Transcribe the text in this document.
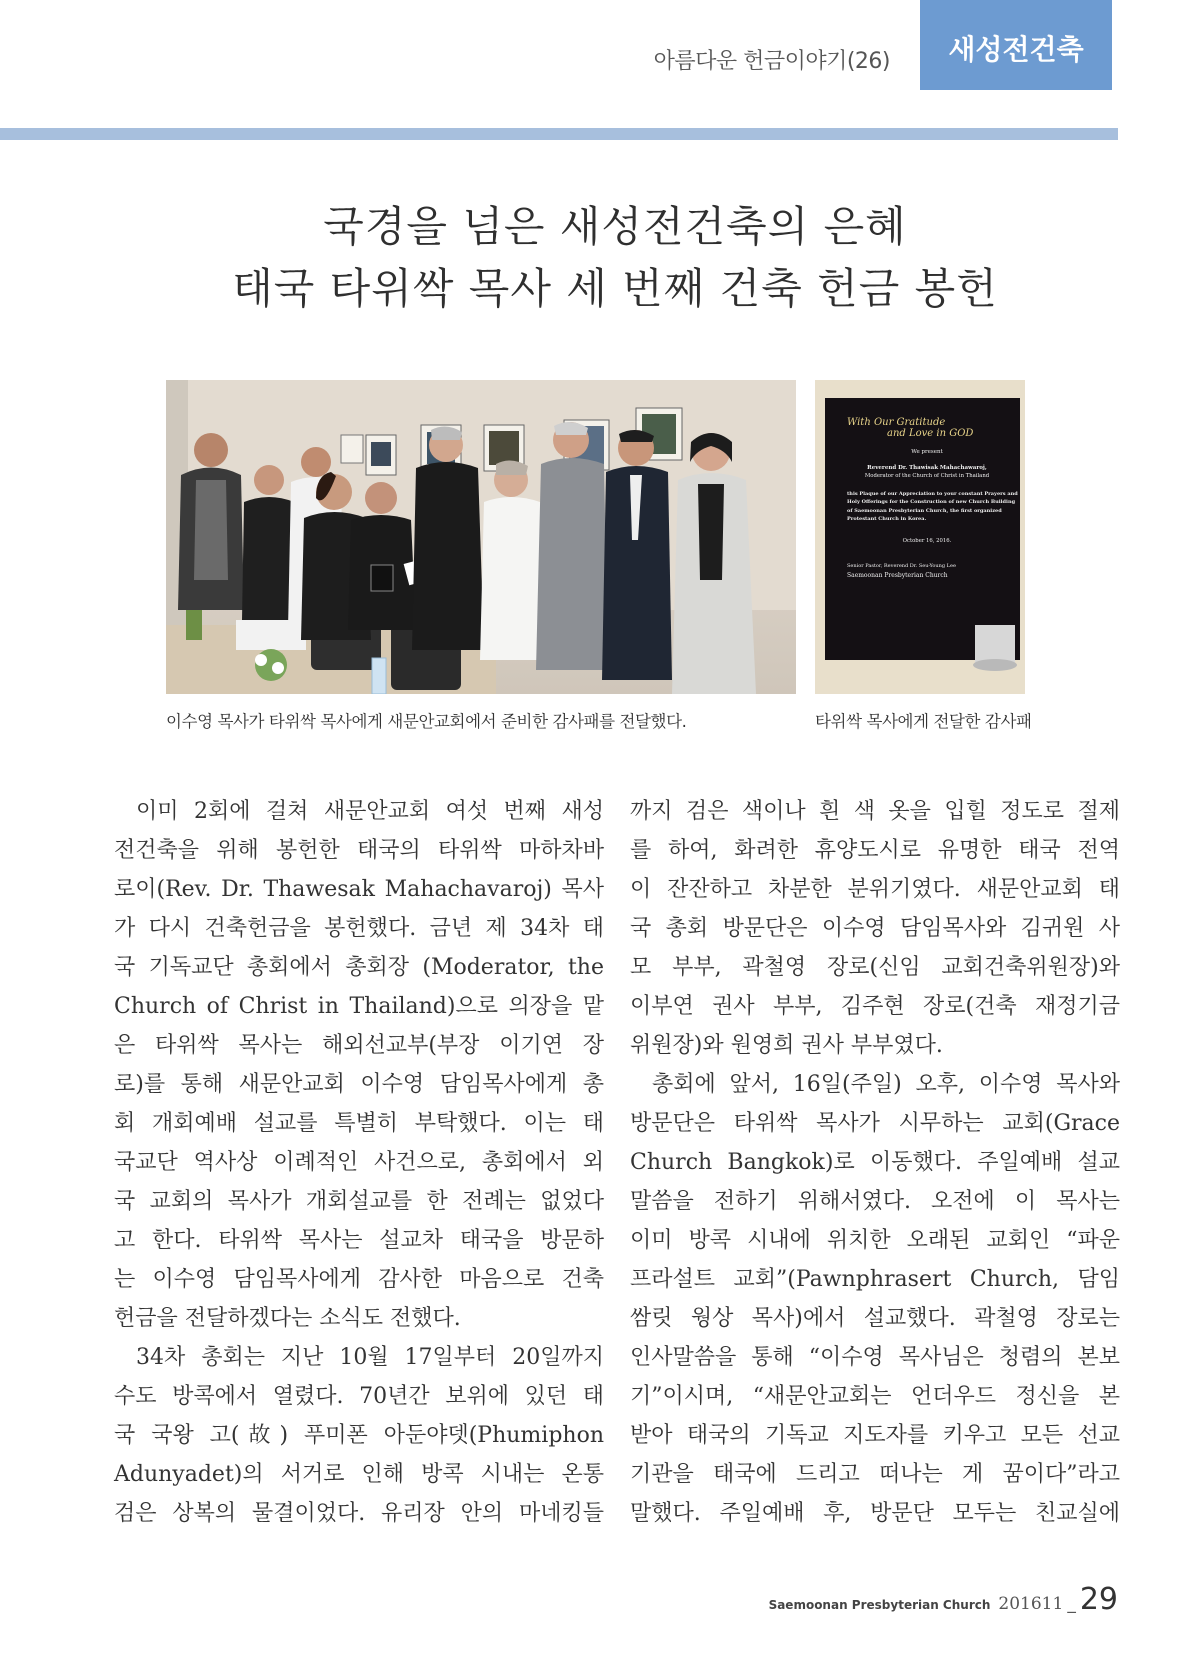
아름다운 헌금이야기(26) 새성전건축
국경을 넘은 새성전건축의 은혜
태국 타위싹 목사 세 번째 건축 헌금 봉헌
With Our Gratitude
and Love in GOD
We present
Reverend Dr. Thawisak Mahachawaroj,
Moderator of the Church of Christ in Thailand
this Plaque of our Appreciation to your constant Prayers and
Holy Offerings for the Construction of new Church Building
of Saemoonan Presbyterian Church, the first organized
Protestant Church in Korea.
October 16, 2016.
Senior Pastor, Reverend Dr. Seu-Young Lee
Saemoonan Presbyterian Church
이수영 목사가 타위싹 목사에게 새문안교회에서 준비한 감사패를 전달했다.	타위싹 목사에게 전달한 감사패
이미 2회에 걸쳐 새문안교회 여섯 번째 새성
전건축을 위해 봉헌한 태국의 타위싹 마하차바
로이(Rev. Dr. Thawesak Mahachavaroj) 목사
가 다시 건축헌금을 봉헌했다. 금년 제 34차 태
국 기독교단 총회에서 총회장 (Moderator, the
Church of Christ in Thailand)으로 의장을 맡
은 타위싹 목사는 해외선교부(부장 이기연 장
로)를 통해 새문안교회 이수영 담임목사에게 총
회 개회예배 설교를 특별히 부탁했다. 이는 태
국교단 역사상 이례적인 사건으로, 총회에서 외
국 교회의 목사가 개회설교를 한 전례는 없었다
고 한다. 타위싹 목사는 설교차 태국을 방문하
는 이수영 담임목사에게 감사한 마음으로 건축
헌금을 전달하겠다는 소식도 전했다.
34차 총회는 지난 10월 17일부터 20일까지
수도 방콕에서 열렸다. 70년간 보위에 있던 태
국 국왕 고(故) 푸미폰 아둔야뎃(Phumiphon
Adunyadet)의 서거로 인해 방콕 시내는 온통
검은 상복의 물결이었다. 유리장 안의 마네킹들
까지 검은 색이나 흰 색 옷을 입힐 정도로 절제
를 하여, 화려한 휴양도시로 유명한 태국 전역
이 잔잔하고 차분한 분위기였다. 새문안교회 태
국 총회 방문단은 이수영 담임목사와 김귀원 사
모 부부, 곽철영 장로(신임 교회건축위원장)와
이부연 권사 부부, 김주현 장로(건축 재정기금
위원장)와 원영희 권사 부부였다.
총회에 앞서, 16일(주일) 오후, 이수영 목사와
방문단은 타위싹 목사가 시무하는 교회(Grace
Church Bangkok)로 이동했다. 주일예배 설교
말씀을 전하기 위해서였다. 오전에 이 목사는
이미 방콕 시내에 위치한 오래된 교회인 “파운
프라설트 교회”(Pawnphrasert Church, 담임
쌈릿 웡상 목사)에서 설교했다. 곽철영 장로는
인사말씀을 통해 “이수영 목사님은 청렴의 본보
기”이시며, “새문안교회는 언더우드 정신을 본
받아 태국의 기독교 지도자를 키우고 모든 선교
기관을 태국에 드리고 떠나는 게 꿈이다”라고
말했다. 주일예배 후, 방문단 모두는 친교실에
Saemoonan Presbyterian Church 201611 _ 29
